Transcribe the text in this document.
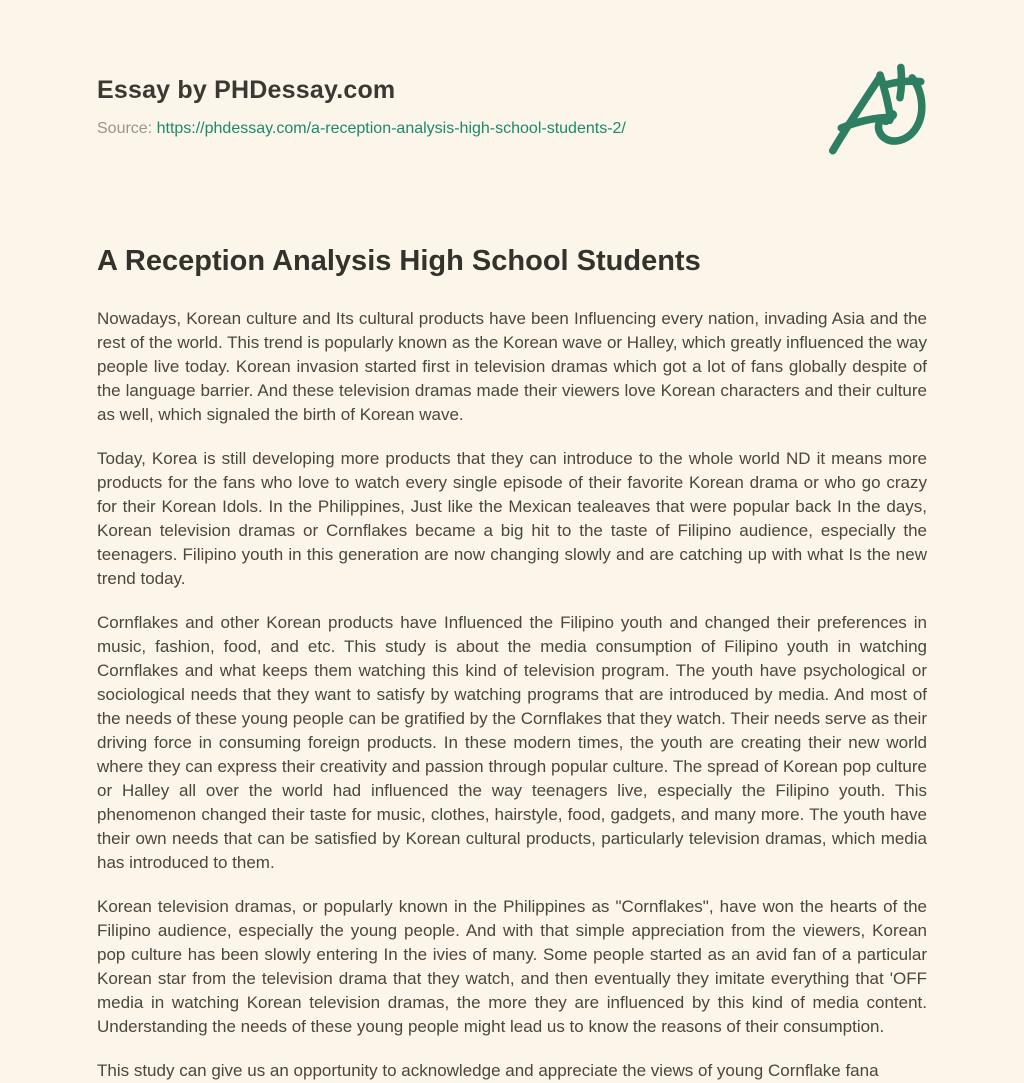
Essay by PHDessay.com
Source: https://phdessay.com/a-reception-analysis-high-school-students-2/
A Reception Analysis High School Students

Nowadays, Korean culture and Its cultural products have been Influencing every nation, invading Asia and the rest of the world. This trend is popularly known as the Korean wave or Halley, which greatly influenced the way people live today. Korean invasion started first in television dramas which got a lot of fans globally despite of the language barrier. And these television dramas made their viewers love Korean characters and their culture as well, which signaled the birth of Korean wave.

Today, Korea is still developing more products that they can introduce to the whole world ND it means more products for the fans who love to watch every single episode of their favorite Korean drama or who go crazy for their Korean Idols. In the Philippines, Just like the Mexican tealeaves that were popular back In the days, Korean television dramas or Cornflakes became a big hit to the taste of Filipino audience, especially the teenagers. Filipino youth in this generation are now changing slowly and are catching up with what Is the new trend today.

Cornflakes and other Korean products have Influenced the Filipino youth and changed their preferences in music, fashion, food, and etc. This study is about the media consumption of Filipino youth in watching Cornflakes and what keeps them watching this kind of television program. The youth have psychological or sociological needs that they want to satisfy by watching programs that are introduced by media. And most of the needs of these young people can be gratified by the Cornflakes that they watch. Their needs serve as their driving force in consuming foreign products. In these modern times, the youth are creating their new world where they can express their creativity and passion through popular culture. The spread of Korean pop culture or Halley all over the world had influenced the way teenagers live, especially the Filipino youth. This phenomenon changed their taste for music, clothes, hairstyle, food, gadgets, and many more. The youth have their own needs that can be satisfied by Korean cultural products, particularly television dramas, which media has introduced to them.

Korean television dramas, or popularly known in the Philippines as "Cornflakes", have won the hearts of the Filipino audience, especially the young people. And with that simple appreciation from the viewers, Korean pop culture has been slowly entering In the ivies of many. Some people started as an avid fan of a particular Korean star from the television drama that they watch, and then eventually they imitate everything that 'OFF media in watching Korean television dramas, the more they are influenced by this kind of media content. Understanding the needs of these young people might lead us to know the reasons of their consumption.

This study can give us an opportunity to acknowledge and appreciate the views of young Cornflake fana
